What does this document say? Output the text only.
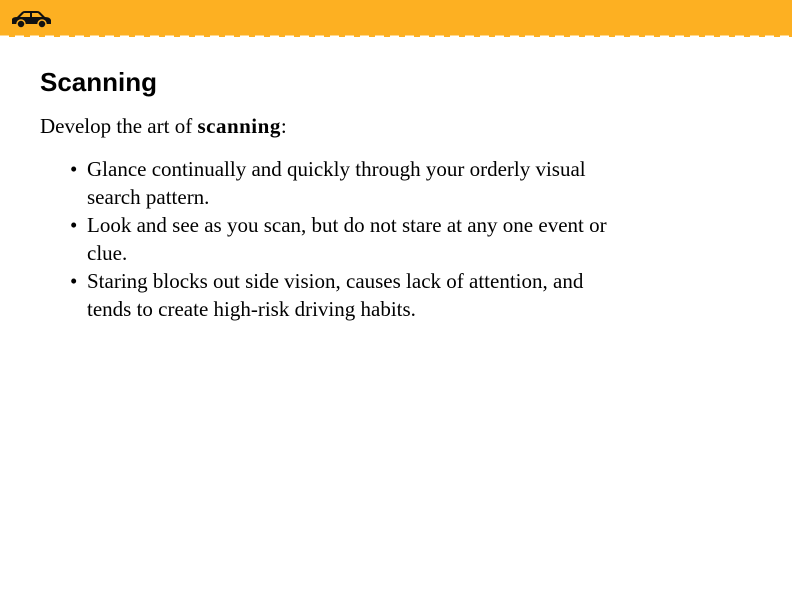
Scanning
Develop the art of scanning:
• Glance continually and quickly through your orderly visual search pattern.
• Look and see as you scan, but do not stare at any one event or clue.
• Staring blocks out side vision, causes lack of attention, and tends to create high-risk driving habits.
